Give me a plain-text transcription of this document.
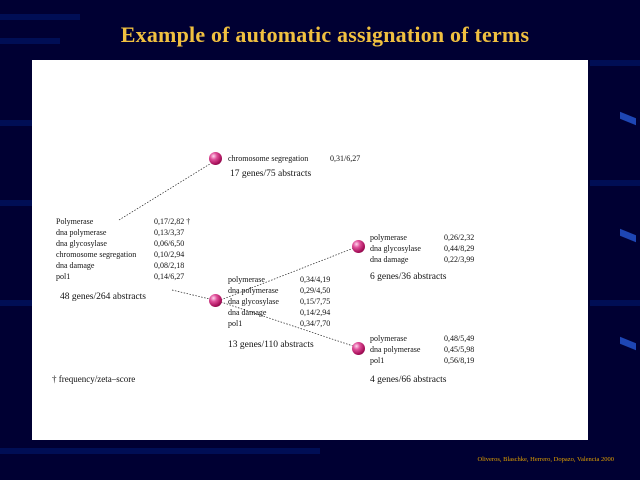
Example of automatic assignation of terms
chromosome segregation	0,31/6,27
17 genes/75 abstracts
Polymerase	0,17/2,82 †
dna polymerase	0,13/3,37
dna glycosylase	0,06/6,50
chromosome segregation 0,10/2,94
dna damage	0,08/2,18
pol1	0,14/6,27
48 genes/264 abstracts
polymerase	0,34/4,19
dna polymerase	0,29/4,50
dna glycosylase	0,15/7,75
dna damage	0,14/2,94
pol1	0,34/7,70
13 genes/110 abstracts
polymerase	0,26/2,32
dna glycosylase	0,44/8,29
dna damage	0,22/3,99
6 genes/36 abstracts
polymerase	0,48/5,49
dna polymerase	0,45/5,98
pol1	0,56/8,19
4 genes/66 abstracts
† frequency/zeta–score
Oliveros, Blaschke, Herrero, Dopazo, Valencia 2000
